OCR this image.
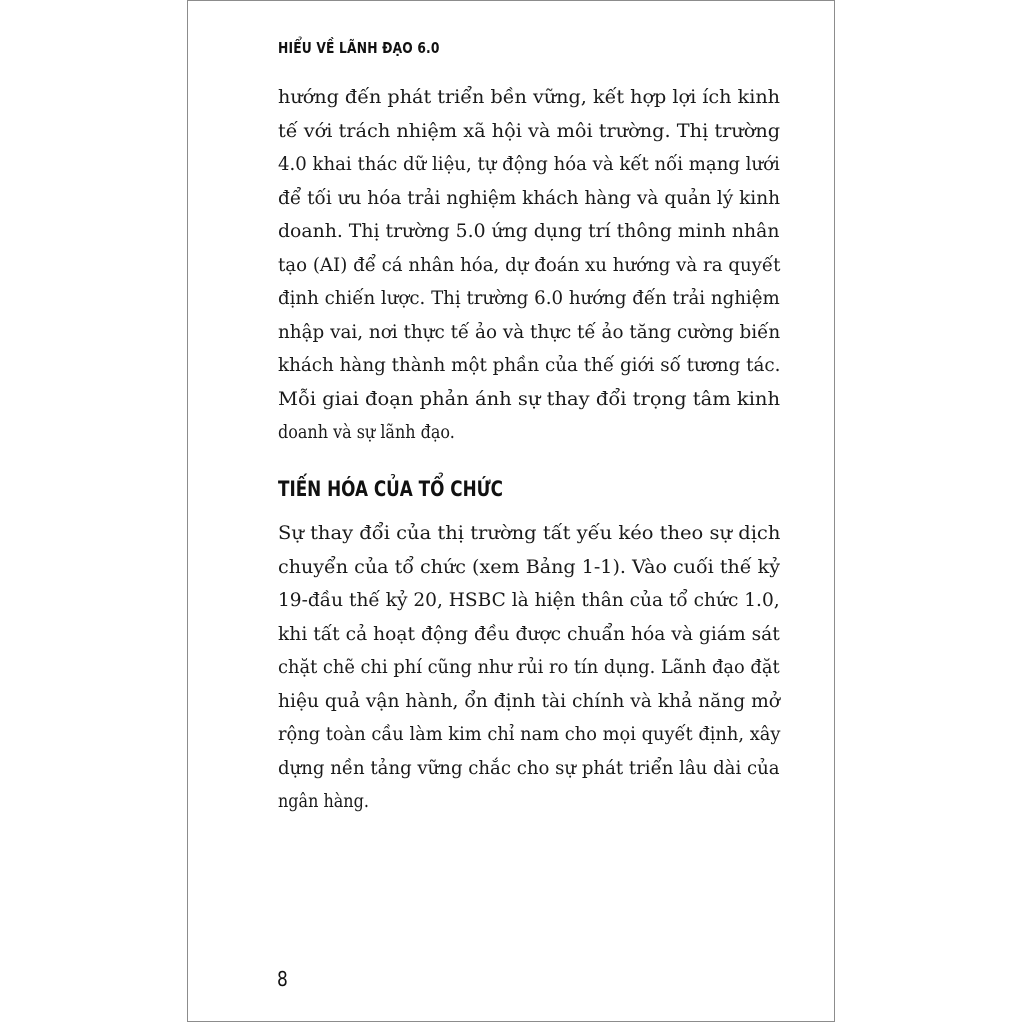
HIỂU VỀ LÃNH ĐẠO 6.0
hướng đến phát triển bền vững, kết hợp lợi ích kinh
tế với trách nhiệm xã hội và môi trường. Thị trường
4.0 khai thác dữ liệu, tự động hóa và kết nối mạng lưới
để tối ưu hóa trải nghiệm khách hàng và quản lý kinh
doanh. Thị trường 5.0 ứng dụng trí thông minh nhân
tạo (AI) để cá nhân hóa, dự đoán xu hướng và ra quyết
định chiến lược. Thị trường 6.0 hướng đến trải nghiệm
nhập vai, nơi thực tế ảo và thực tế ảo tăng cường biến
khách hàng thành một phần của thế giới số tương tác.
Mỗi giai đoạn phản ánh sự thay đổi trọng tâm kinh
doanh và sự lãnh đạo.
TIẾN HÓA CỦA TỔ CHỨC
Sự thay đổi của thị trường tất yếu kéo theo sự dịch
chuyển của tổ chức (xem Bảng 1-1). Vào cuối thế kỷ
19-đầu thế kỷ 20, HSBC là hiện thân của tổ chức 1.0,
khi tất cả hoạt động đều được chuẩn hóa và giám sát
chặt chẽ chi phí cũng như rủi ro tín dụng. Lãnh đạo đặt
hiệu quả vận hành, ổn định tài chính và khả năng mở
rộng toàn cầu làm kim chỉ nam cho mọi quyết định, xây
dựng nền tảng vững chắc cho sự phát triển lâu dài của
ngân hàng.
8
